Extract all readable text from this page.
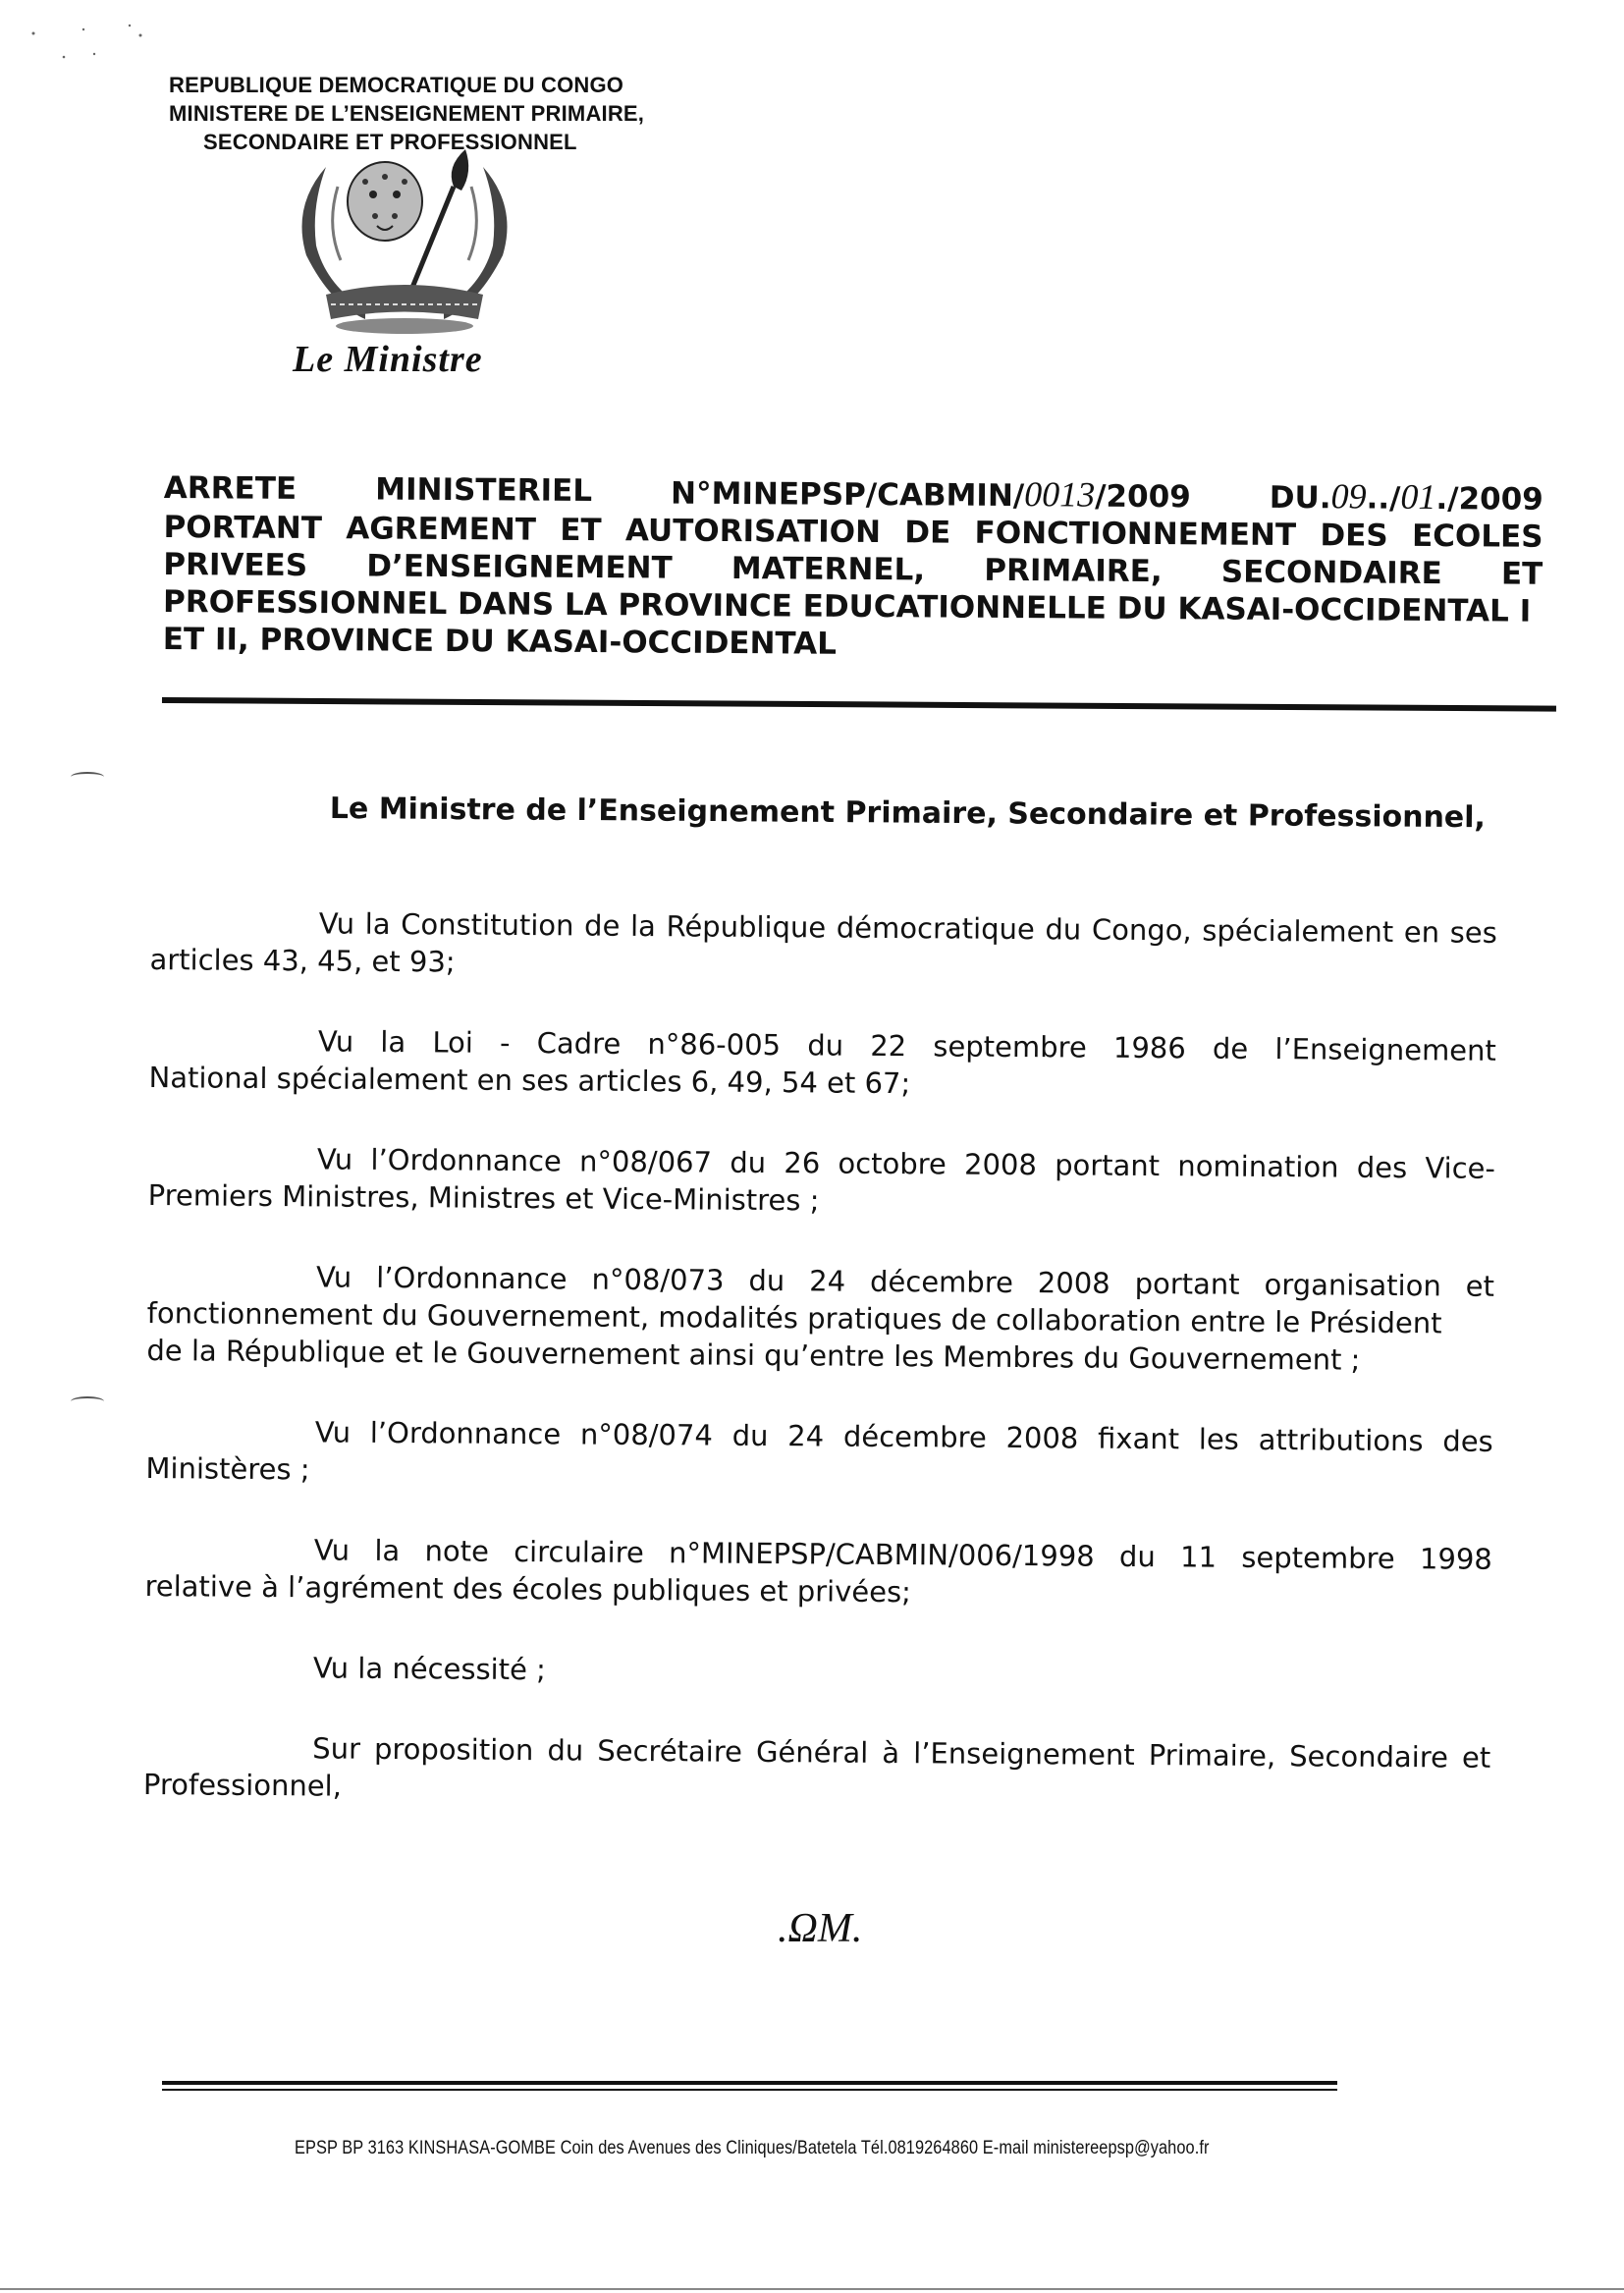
REPUBLIQUE DEMOCRATIQUE DU CONGO
MINISTERE DE L’ENSEIGNEMENT PRIMAIRE,
SECONDAIRE ET PROFESSIONNEL
Le Ministre
ARRETE	MINISTERIEL	N°MINEPSP/CABMIN/0013/2009	DU.09../01./2009
PORTANT AGREMENT ET AUTORISATION DE FONCTIONNEMENT DES ECOLES
PRIVEES D’ENSEIGNEMENT MATERNEL, PRIMAIRE, SECONDAIRE ET
PROFESSIONNEL DANS LA PROVINCE EDUCATIONNELLE DU KASAI-OCCIDENTAL I
ET II, PROVINCE DU KASAI-OCCIDENTAL
Le Ministre de l’Enseignement Primaire, Secondaire et Professionnel,
Vu la Constitution de la République démocratique du Congo, spécialement en ses
articles 43, 45, et 93;
Vu la Loi - Cadre n°86-005 du 22 septembre 1986 de l’Enseignement
National spécialement en ses articles 6, 49, 54 et 67;
Vu l’Ordonnance n°08/067 du 26 octobre 2008 portant nomination des Vice-
Premiers Ministres, Ministres et Vice-Ministres ;
Vu l’Ordonnance n°08/073 du 24 décembre 2008 portant organisation et
fonctionnement du Gouvernement, modalités pratiques de collaboration entre le Président
de la République et le Gouvernement ainsi qu’entre les Membres du Gouvernement ;
Vu l’Ordonnance n°08/074 du 24 décembre 2008 fixant les attributions des
Ministères ;
Vu la note circulaire n°MINEPSP/CABMIN/006/1998 du 11 septembre 1998
relative à l’agrément des écoles publiques et privées;
Vu la nécessité ;
Sur proposition du Secrétaire Général à l’Enseignement Primaire, Secondaire et
Professionnel,
.ΩM.
EPSP BP 3163 KINSHASA-GOMBE Coin des Avenues des Cliniques/Batetela Tél.0819264860 E-mail ministereepsp@yahoo.fr
